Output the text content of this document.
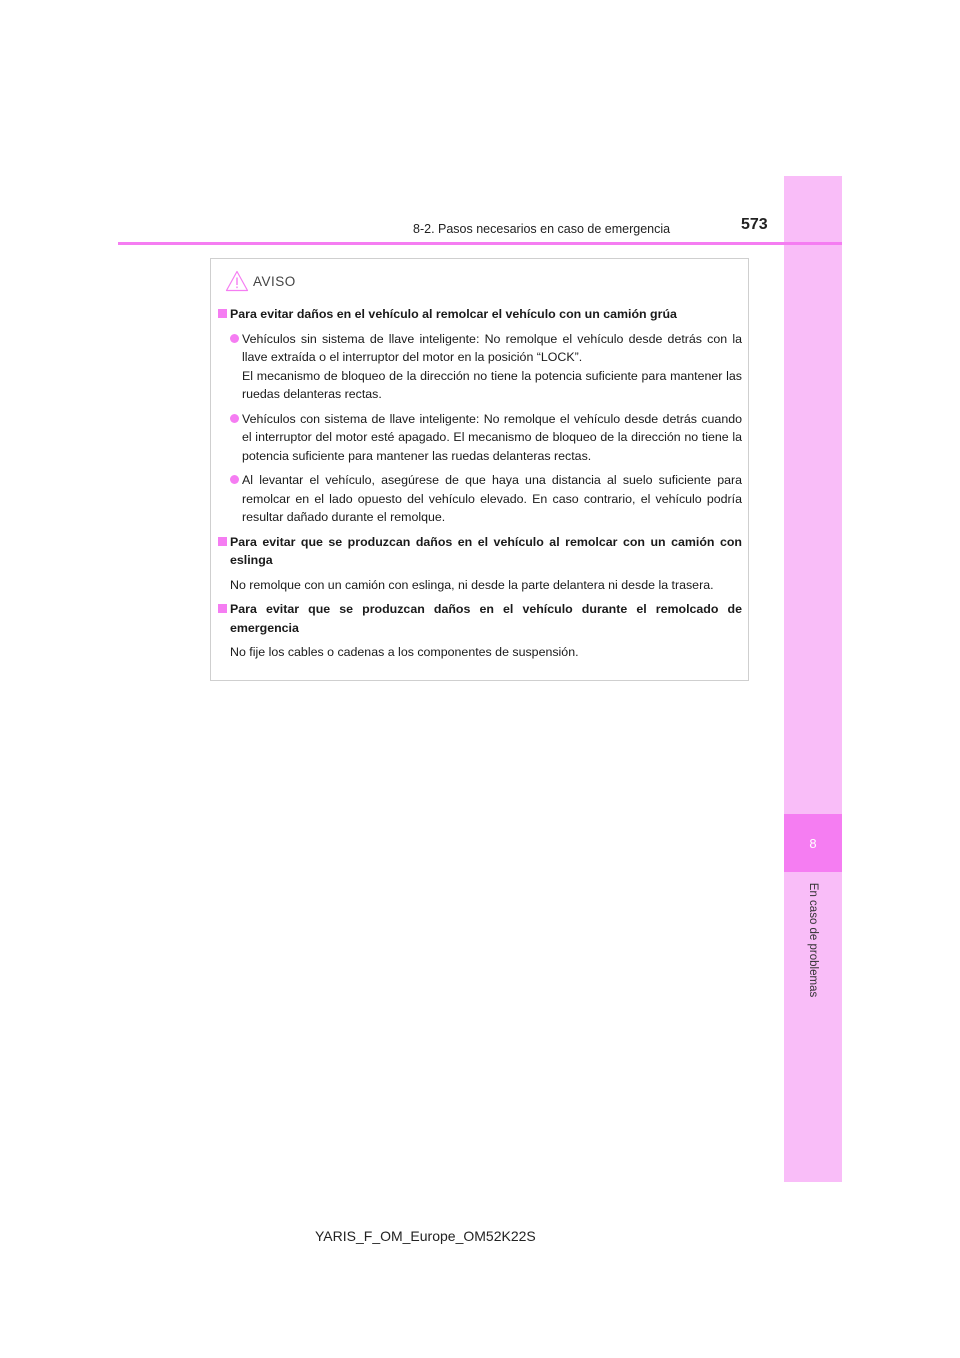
8
En caso de problemas
8-2. Pasos necesarios en caso de emergencia	573
AVISO
Para evitar daños en el vehículo al remolcar el vehículo con un camión grúa

Vehículos sin sistema de llave inteligente: No remolque el vehículo desde detrás con la llave extraída o el interruptor del motor en la posición “LOCK”.

El mecanismo de bloqueo de la dirección no tiene la potencia suficiente para mantener las ruedas delanteras rectas.

Vehículos con sistema de llave inteligente: No remolque el vehículo desde detrás cuando el interruptor del motor esté apagado. El mecanismo de bloqueo de la dirección no tiene la potencia suficiente para mantener las ruedas delanteras rectas.

Al levantar el vehículo, asegúrese de que haya una distancia al suelo suficiente para remolcar en el lado opuesto del vehículo elevado. En caso contrario, el vehículo podría resultar dañado durante el remolque.

Para evitar que se produzcan daños en el vehículo al remolcar con un camión con eslinga

No remolque con un camión con eslinga, ni desde la parte delantera ni desde la trasera.

Para evitar que se produzcan daños en el vehículo durante el remolcado de emergencia

No fije los cables o cadenas a los componentes de suspensión.

YARIS_F_OM_Europe_OM52K22S
